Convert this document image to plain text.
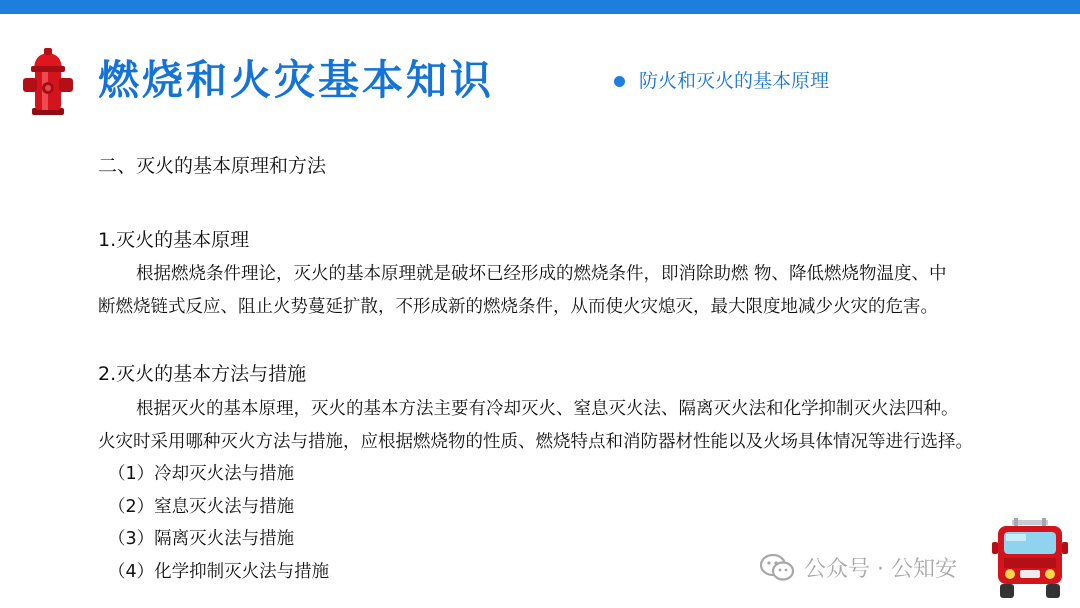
燃烧和火灾基本知识	防火和灭火的基本原理
二、灭火的基本原理和方法
1.灭火的基本原理
根据燃烧条件理论，灭火的基本原理就是破坏已经形成的燃烧条件，即消除助燃 物、降低燃烧物温度、中
断燃烧链式反应、阻止火势蔓延扩散，不形成新的燃烧条件，从而使火灾熄灭，最大限度地减少火灾的危害。
2.灭火的基本方法与措施
根据灭火的基本原理，灭火的基本方法主要有冷却灭火、窒息灭火法、隔离灭火法和化学抑制灭火法四种。
火灾时采用哪种灭火方法与措施，应根据燃烧物的性质、燃烧特点和消防器材性能以及火场具体情况等进行选择。
（1）冷却灭火法与措施
（2）窒息灭火法与措施
（3）隔离灭火法与措施
（4）化学抑制灭火法与措施	公众号 · 公知安
